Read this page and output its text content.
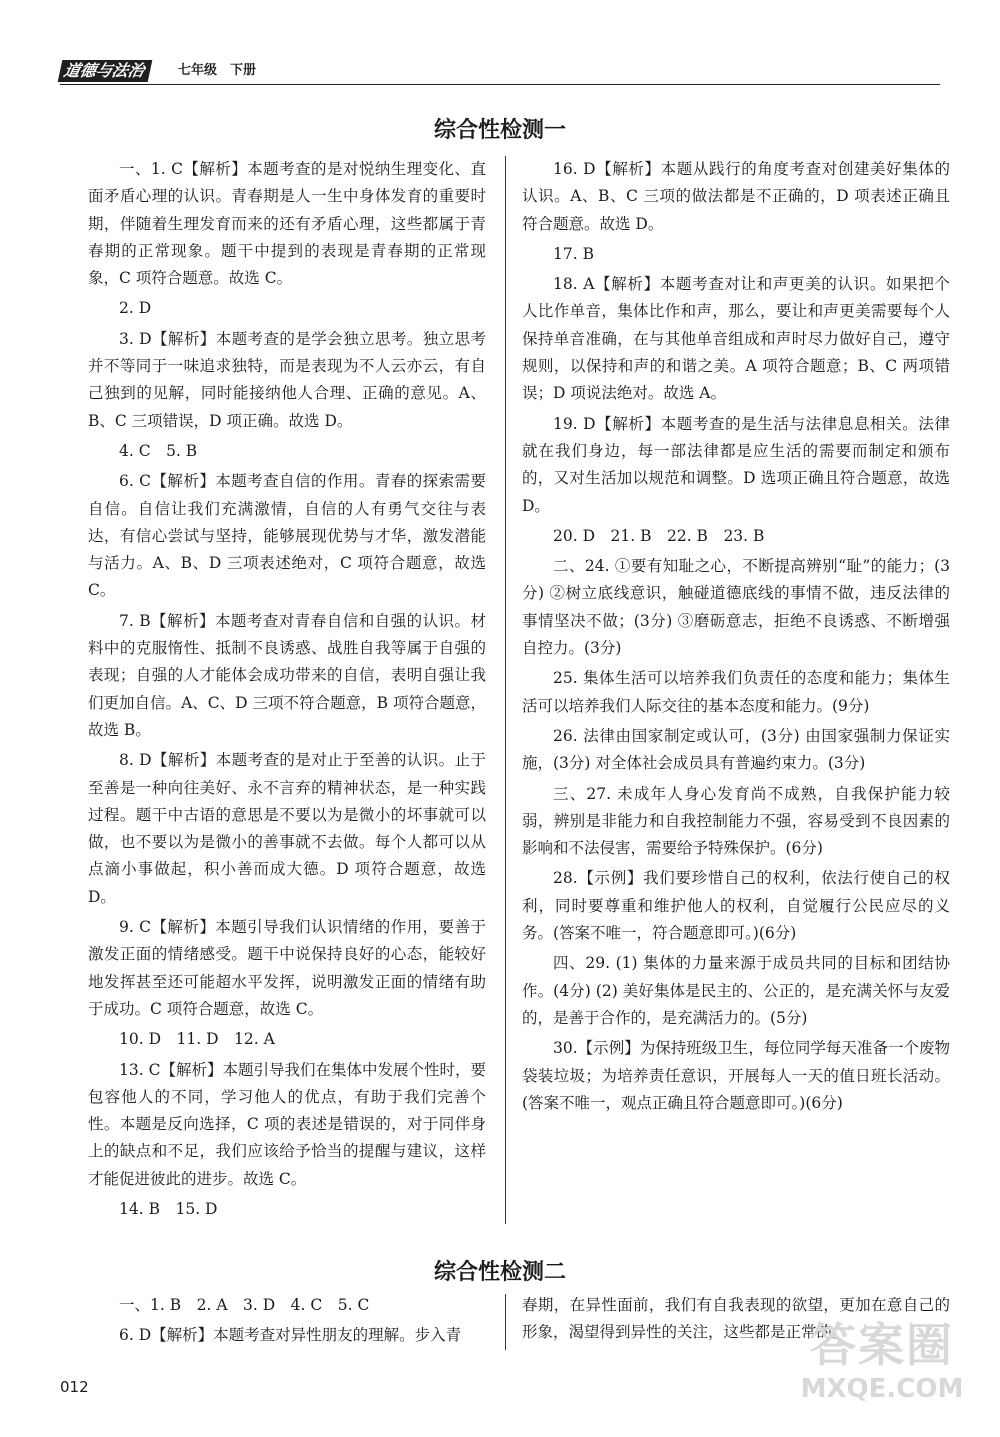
道德与法治	七年级　下册
综合性检测一

一、1. C【解析】本题考查的是对悦纳生理变化、直面矛盾心理的认识。青春期是人一生中身体发育的重要时期，伴随着生理发育而来的还有矛盾心理，这些都属于青春期的正常现象。题干中提到的表现是青春期的正常现象，C 项符合题意。故选 C。

2. D

3. D【解析】本题考查的是学会独立思考。独立思考并不等同于一味追求独特，而是表现为不人云亦云，有自己独到的见解，同时能接纳他人合理、正确的意见。A、B、C 三项错误，D 项正确。故选 D。

4. C　5. B

6. C【解析】本题考查自信的作用。青春的探索需要自信。自信让我们充满激情，自信的人有勇气交往与表达，有信心尝试与坚持，能够展现优势与才华，激发潜能与活力。A、B、D 三项表述绝对，C 项符合题意，故选 C。

7. B【解析】本题考查对青春自信和自强的认识。材料中的克服惰性、抵制不良诱惑、战胜自我等属于自强的表现；自强的人才能体会成功带来的自信，表明自强让我们更加自信。A、C、D 三项不符合题意，B 项符合题意，故选 B。

8. D【解析】本题考查的是对止于至善的认识。止于至善是一种向往美好、永不言弃的精神状态，是一种实践过程。题干中古语的意思是不要以为是微小的坏事就可以做，也不要以为是微小的善事就不去做。每个人都可以从点滴小事做起，积小善而成大德。D 项符合题意，故选 D。

9. C【解析】本题引导我们认识情绪的作用，要善于激发正面的情绪感受。题干中说保持良好的心态，能较好地发挥甚至还可能超水平发挥，说明激发正面的情绪有助于成功。C 项符合题意，故选 C。

10. D　11. D　12. A

13. C【解析】本题引导我们在集体中发展个性时，要包容他人的不同，学习他人的优点，有助于我们完善个性。本题是反向选择，C 项的表述是错误的，对于同伴身上的缺点和不足，我们应该给予恰当的提醒与建议，这样才能促进彼此的进步。故选 C。

14. B　15. D

16. D【解析】本题从践行的角度考查对创建美好集体的认识。A、B、C 三项的做法都是不正确的，D 项表述正确且符合题意。故选 D。

17. B

18. A【解析】本题考查对让和声更美的认识。如果把个人比作单音，集体比作和声，那么，要让和声更美需要每个人保持单音准确，在与其他单音组成和声时尽力做好自己，遵守规则，以保持和声的和谐之美。A 项符合题意；B、C 两项错误；D 项说法绝对。故选 A。

19. D【解析】本题考查的是生活与法律息息相关。法律就在我们身边，每一部法律都是应生活的需要而制定和颁布的，又对生活加以规范和调整。D 选项正确且符合题意，故选 D。

20. D　21. B　22. B　23. B

二、24. ①要有知耻之心，不断提高辨别“耻”的能力；(3分) ②树立底线意识，触碰道德底线的事情不做，违反法律的事情坚决不做；(3分) ③磨砺意志，拒绝不良诱惑、不断增强自控力。(3分)

25. 集体生活可以培养我们负责任的态度和能力；集体生活可以培养我们人际交往的基本态度和能力。(9分)

26. 法律由国家制定或认可，(3分) 由国家强制力保证实施，(3分) 对全体社会成员具有普遍约束力。(3分)

三、27. 未成年人身心发育尚不成熟，自我保护能力较弱，辨别是非能力和自我控制能力不强，容易受到不良因素的影响和不法侵害，需要给予特殊保护。(6分)

28.【示例】我们要珍惜自己的权利，依法行使自己的权利，同时要尊重和维护他人的权利，自觉履行公民应尽的义务。(答案不唯一，符合题意即可。)(6分)

四、29. (1) 集体的力量来源于成员共同的目标和团结协作。(4分) (2) 美好集体是民主的、公正的，是充满关怀与友爱的，是善于合作的，是充满活力的。(5分)

30.【示例】为保持班级卫生，每位同学每天准备一个废物袋装垃圾；为培养责任意识，开展每人一天的值日班长活动。(答案不唯一，观点正确且符合题意即可。)(6分)

综合性检测二

一、1. B　2. A　3. D　4. C　5. C

6. D【解析】本题考查对异性朋友的理解。步入青

春期，在异性面前，我们有自我表现的欲望，更加在意自己的形象，渴望得到异性的关注，这些都是正常的。

012
答案圈
MXQE.COM
